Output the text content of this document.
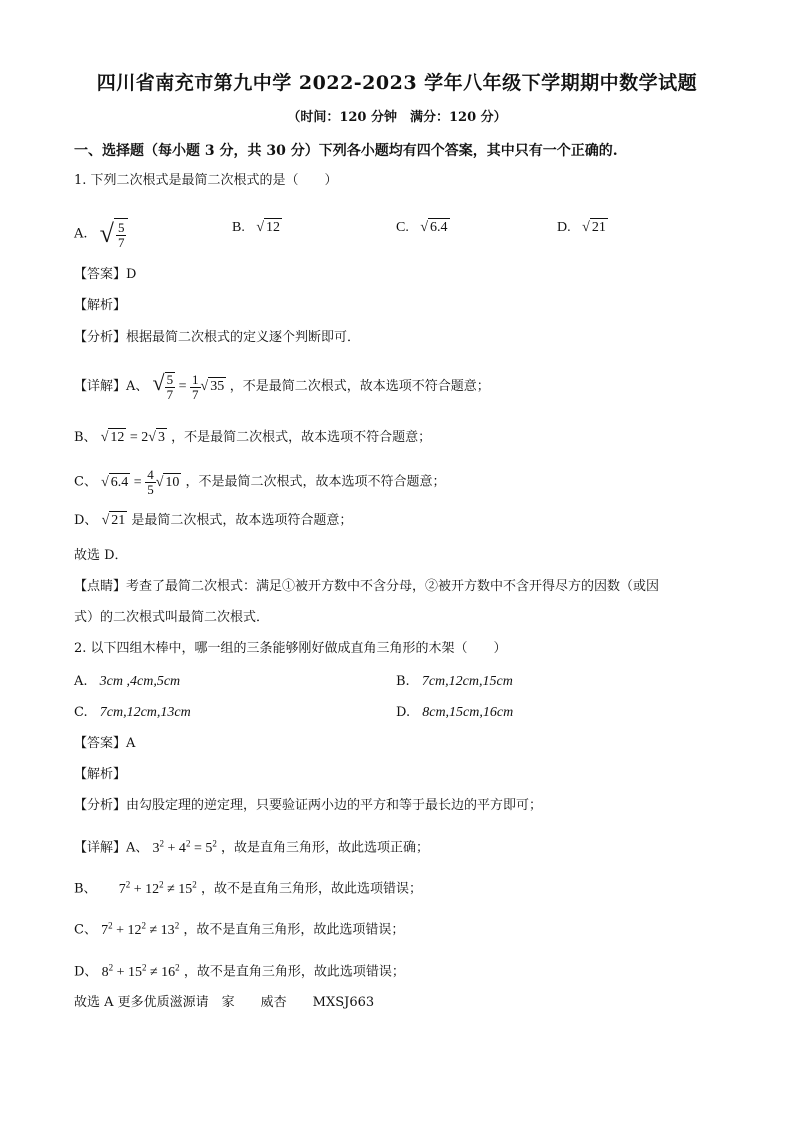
四川省南充市第九中学 2022-2023 学年八年级下学期期中数学试题
（时间：120 分钟　满分：120 分）
一、选择题（每小题 3 分，共 30 分）下列各小题均有四个答案，其中只有一个正确的.
1. 下列二次根式是最简二次根式的是（　　）
A. √ $\frac{5}{7}$	B. √ 12	C. √ 6.4	D. √ 21
【答案】D
【解析】
【分析】根据最简二次根式的定义逐个判断即可．
【详解】A、 √ $\frac{5}{7} = \frac{1}{7}$ √ 35 ，不是最简二次根式，故本选项不符合题意；
B、 √ 12 = 2√ 3 ，不是最简二次根式，故本选项不符合题意；
C、 √ $6.4 = \frac{4}{5}$ √ 10 ，不是最简二次根式，故本选项不符合题意；
D、 √ 21 是最简二次根式，故本选项符合题意；
故选 D．
【点睛】考查了最简二次根式：满足①被开方数中不含分母，②被开方数中不含开得尽方的因数（或因
式）的二次根式叫最简二次根式．
2. 以下四组木棒中，哪一组的三条能够刚好做成直角三角形的木架（　　）
A. 3cm ,4cm,5cm	B. 7cm,12cm,15cm
C. 7cm,12cm,13cm	D. 8cm,15cm,16cm
【答案】A
【解析】
【分析】由勾股定理的逆定理，只要验证两小边的平方和等于最长边的平方即可；
【详解】A、 $3^2 + 4^2 = 5^2$ ，故是直角三角形，故此选项正确；
B、 $7^2 + 12^2 \ne 15^2$ ，故不是直角三角形，故此选项错误；
C、 $7^2 + 12^2 \ne 13^2$ ，故不是直角三角形，故此选项错误；
D、 $8^2 + 15^2 \ne 16^2$ ，故不是直角三角形，故此选项错误；
故选 A 更多优质滋源请　家　　威杏　　MXSJ663
